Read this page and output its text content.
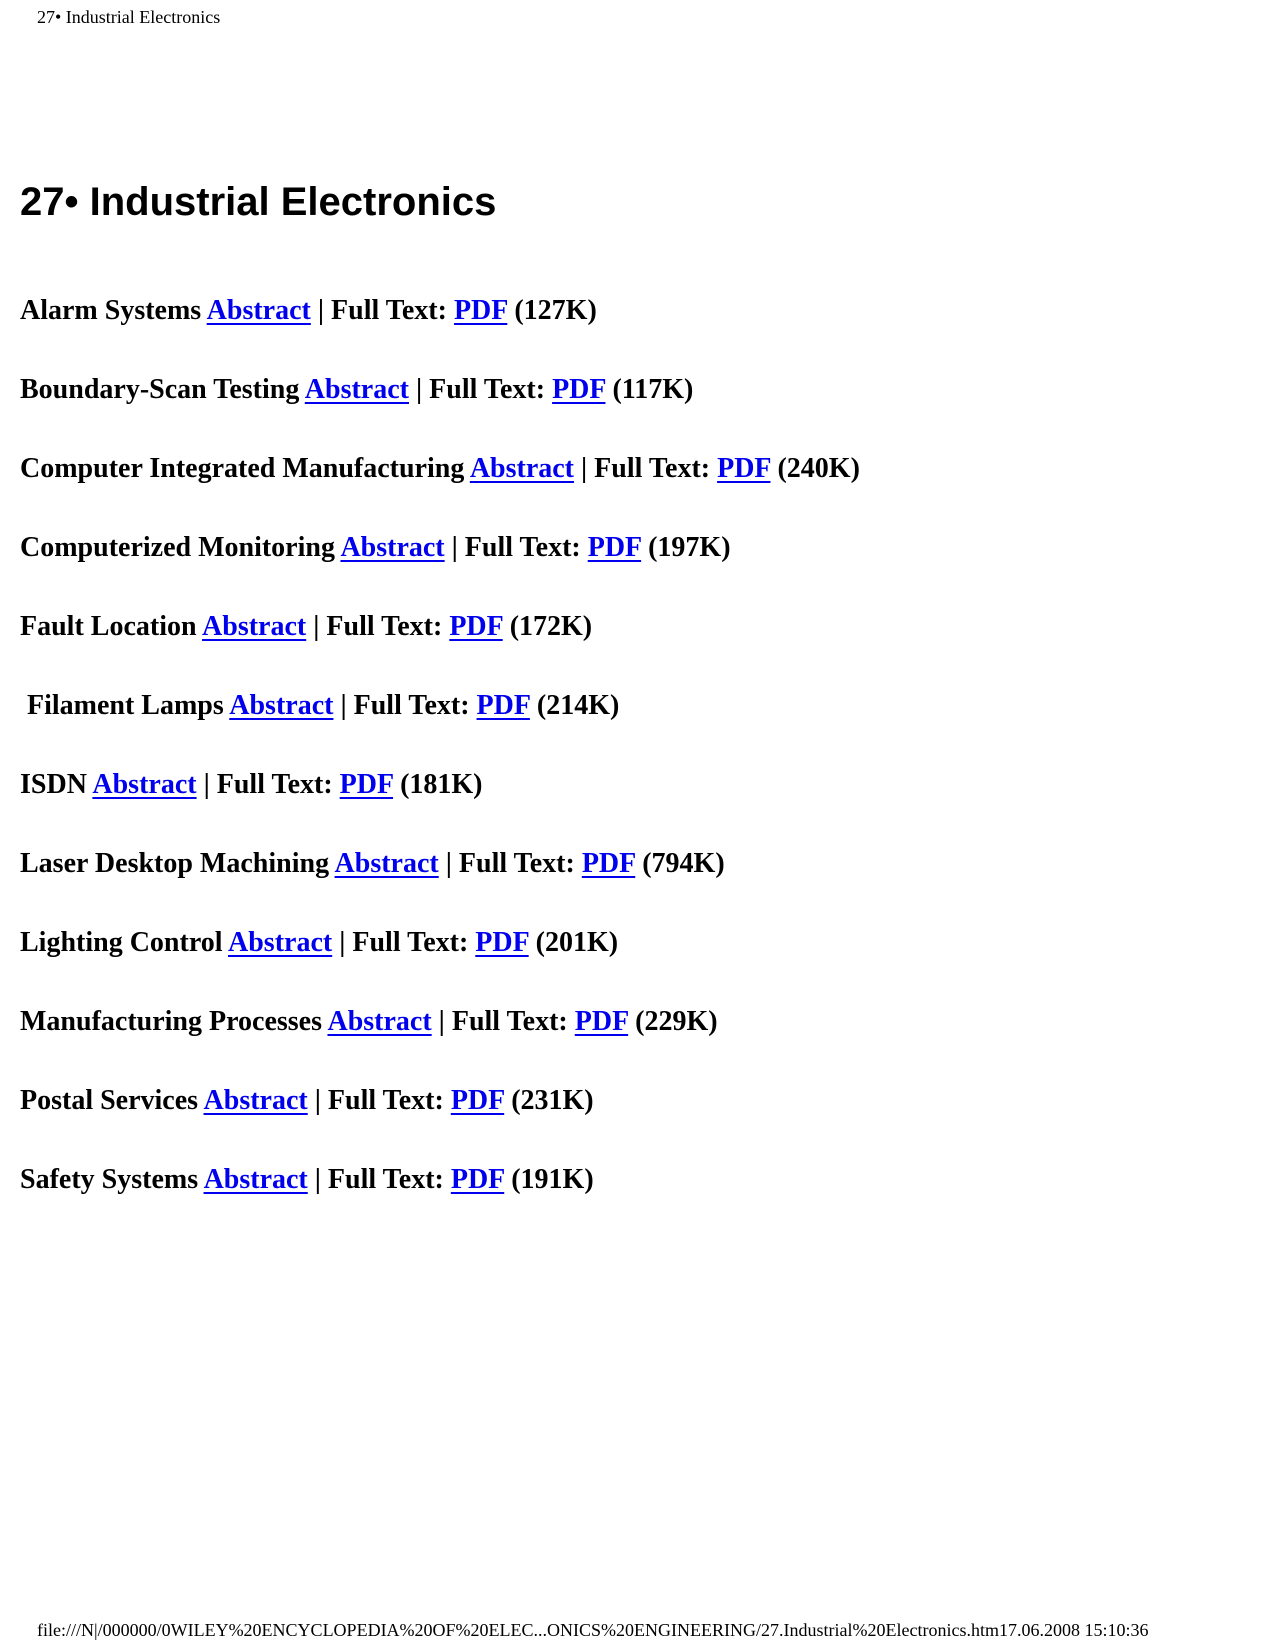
27• Industrial Electronics
27• Industrial Electronics
Alarm Systems Abstract | Full Text: PDF (127K)
Boundary-Scan Testing Abstract | Full Text: PDF (117K)
Computer Integrated Manufacturing Abstract | Full Text: PDF (240K)
Computerized Monitoring Abstract | Full Text: PDF (197K)
Fault Location Abstract | Full Text: PDF (172K)
Filament Lamps Abstract | Full Text: PDF (214K)
ISDN Abstract | Full Text: PDF (181K)
Laser Desktop Machining Abstract | Full Text: PDF (794K)
Lighting Control Abstract | Full Text: PDF (201K)
Manufacturing Processes Abstract | Full Text: PDF (229K)
Postal Services Abstract | Full Text: PDF (231K)
Safety Systems Abstract | Full Text: PDF (191K)
file:///N|/000000/0WILEY%20ENCYCLOPEDIA%20OF%20ELEC...ONICS%20ENGINEERING/27.Industrial%20Electronics.htm17.06.2008 15:10:36
